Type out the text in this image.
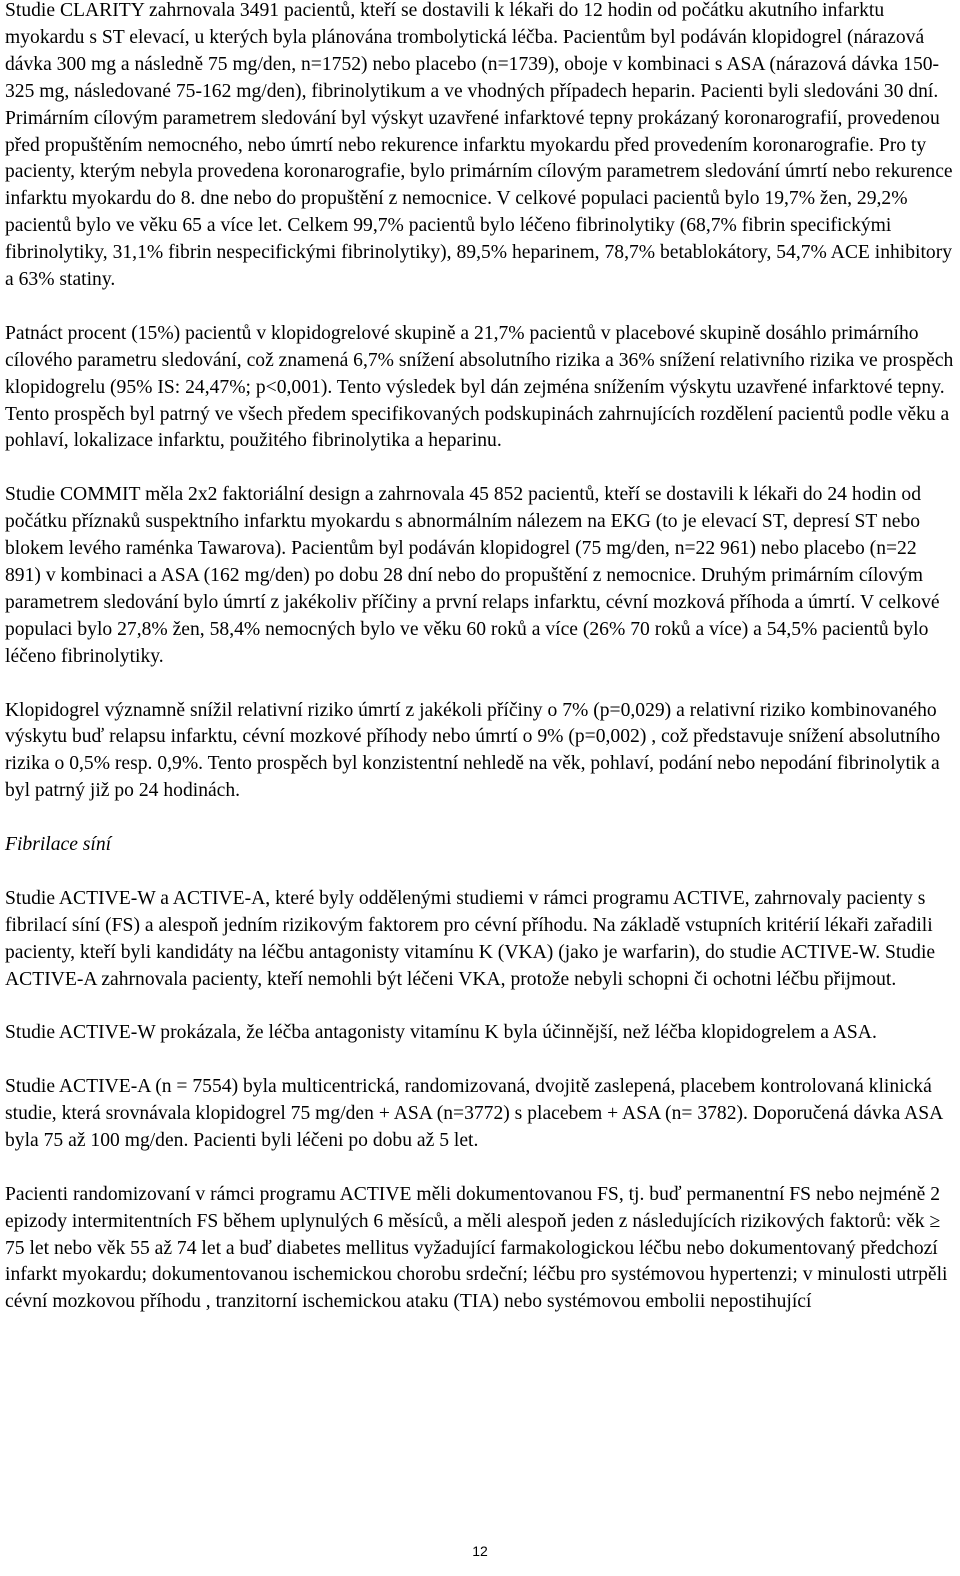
Studie CLARITY zahrnovala 3491 pacientů, kteří se dostavili k lékaři do 12 hodin od počátku akutního infarktu myokardu s ST elevací, u kterých byla plánována trombolytická léčba. Pacientům byl podáván klopidogrel (nárazová dávka 300 mg a následně 75 mg/den, n=1752) nebo placebo (n=1739), oboje v kombinaci s ASA (nárazová dávka 150-325 mg, následované 75-162 mg/den), fibrinolytikum a ve vhodných případech heparin. Pacienti byli sledováni 30 dní. Primárním cílovým parametrem sledování byl výskyt uzavřené infarktové tepny prokázaný koronarografií, provedenou před propuštěním nemocného, nebo úmrtí nebo rekurence infarktu myokardu před provedením koronarografie. Pro ty pacienty, kterým nebyla provedena koronarografie, bylo primárním cílovým parametrem sledování úmrtí nebo rekurence infarktu myokardu do 8. dne nebo do propuštění z nemocnice. V celkové populaci pacientů bylo 19,7% žen, 29,2% pacientů bylo ve věku 65 a více let. Celkem 99,7% pacientů bylo léčeno fibrinolytiky (68,7% fibrin specifickými fibrinolytiky, 31,1% fibrin nespecifickými fibrinolytiky), 89,5% heparinem, 78,7% betablokátory, 54,7% ACE inhibitory a 63% statiny.

Patnáct procent (15%) pacientů v klopidogrelové skupině a 21,7% pacientů v placebové skupině dosáhlo primárního cílového parametru sledování, což znamená 6,7% snížení absolutního rizika a 36% snížení relativního rizika ve prospěch klopidogrelu (95% IS: 24,47%; p<0,001). Tento výsledek byl dán zejména snížením výskytu uzavřené infarktové tepny. Tento prospěch byl patrný ve všech předem specifikovaných podskupinách zahrnujících rozdělení pacientů podle věku a pohlaví, lokalizace infarktu, použitého fibrinolytika a heparinu.

Studie COMMIT měla 2x2 faktoriální design a zahrnovala 45 852 pacientů, kteří se dostavili k lékaři do 24 hodin od počátku příznaků suspektního infarktu myokardu s abnormálním nálezem na EKG (to je elevací ST, depresí ST nebo blokem levého raménka Tawarova). Pacientům byl podáván klopidogrel (75 mg/den, n=22 961) nebo placebo (n=22 891) v kombinaci a ASA (162 mg/den) po dobu 28 dní nebo do propuštění z nemocnice. Druhým primárním cílovým parametrem sledování bylo úmrtí z jakékoliv příčiny a první relaps infarktu, cévní mozková příhoda a úmrtí. V celkové populaci bylo 27,8% žen, 58,4% nemocných bylo ve věku 60 roků a více (26% 70 roků a více) a 54,5% pacientů bylo léčeno fibrinolytiky.

Klopidogrel významně snížil relativní riziko úmrtí z jakékoli příčiny o 7% (p=0,029) a relativní riziko kombinovaného výskytu buď relapsu infarktu, cévní mozkové příhody nebo úmrtí o 9% (p=0,002) , což představuje snížení absolutního rizika o 0,5% resp. 0,9%. Tento prospěch byl konzistentní nehledě na věk, pohlaví, podání nebo nepodání fibrinolytik a byl patrný již po 24 hodinách.

Fibrilace síní

Studie ACTIVE-W a ACTIVE-A, které byly oddělenými studiemi v rámci programu ACTIVE, zahrnovaly pacienty s fibrilací síní (FS) a alespoň jedním rizikovým faktorem pro cévní příhodu. Na základě vstupních kritérií lékaři zařadili pacienty, kteří byli kandidáty na léčbu antagonisty vitamínu K (VKA) (jako je warfarin), do studie ACTIVE-W. Studie ACTIVE-A zahrnovala pacienty, kteří nemohli být léčeni VKA, protože nebyli schopni či ochotni léčbu přijmout.

Studie ACTIVE-W prokázala, že léčba antagonisty vitamínu K byla účinnější, než léčba klopidogrelem a ASA.

Studie ACTIVE-A (n = 7554) byla multicentrická, randomizovaná, dvojitě zaslepená, placebem kontrolovaná klinická studie, která srovnávala klopidogrel 75 mg/den + ASA (n=3772) s placebem + ASA (n= 3782). Doporučená dávka ASA byla 75 až 100 mg/den. Pacienti byli léčeni po dobu až 5 let.

Pacienti randomizovaní v rámci programu ACTIVE měli dokumentovanou FS, tj. buď permanentní FS nebo nejméně 2 epizody intermitentních FS během uplynulých 6 měsíců, a měli alespoň jeden z následujících rizikových faktorů: věk ≥ 75 let nebo věk 55 až 74 let a buď diabetes mellitus vyžadující farmakologickou léčbu nebo dokumentovaný předchozí infarkt myokardu; dokumentovanou ischemickou chorobu srdeční; léčbu pro systémovou hypertenzi; v minulosti utrpěli cévní mozkovou příhodu , tranzitorní ischemickou ataku (TIA) nebo systémovou embolii nepostihující

12
